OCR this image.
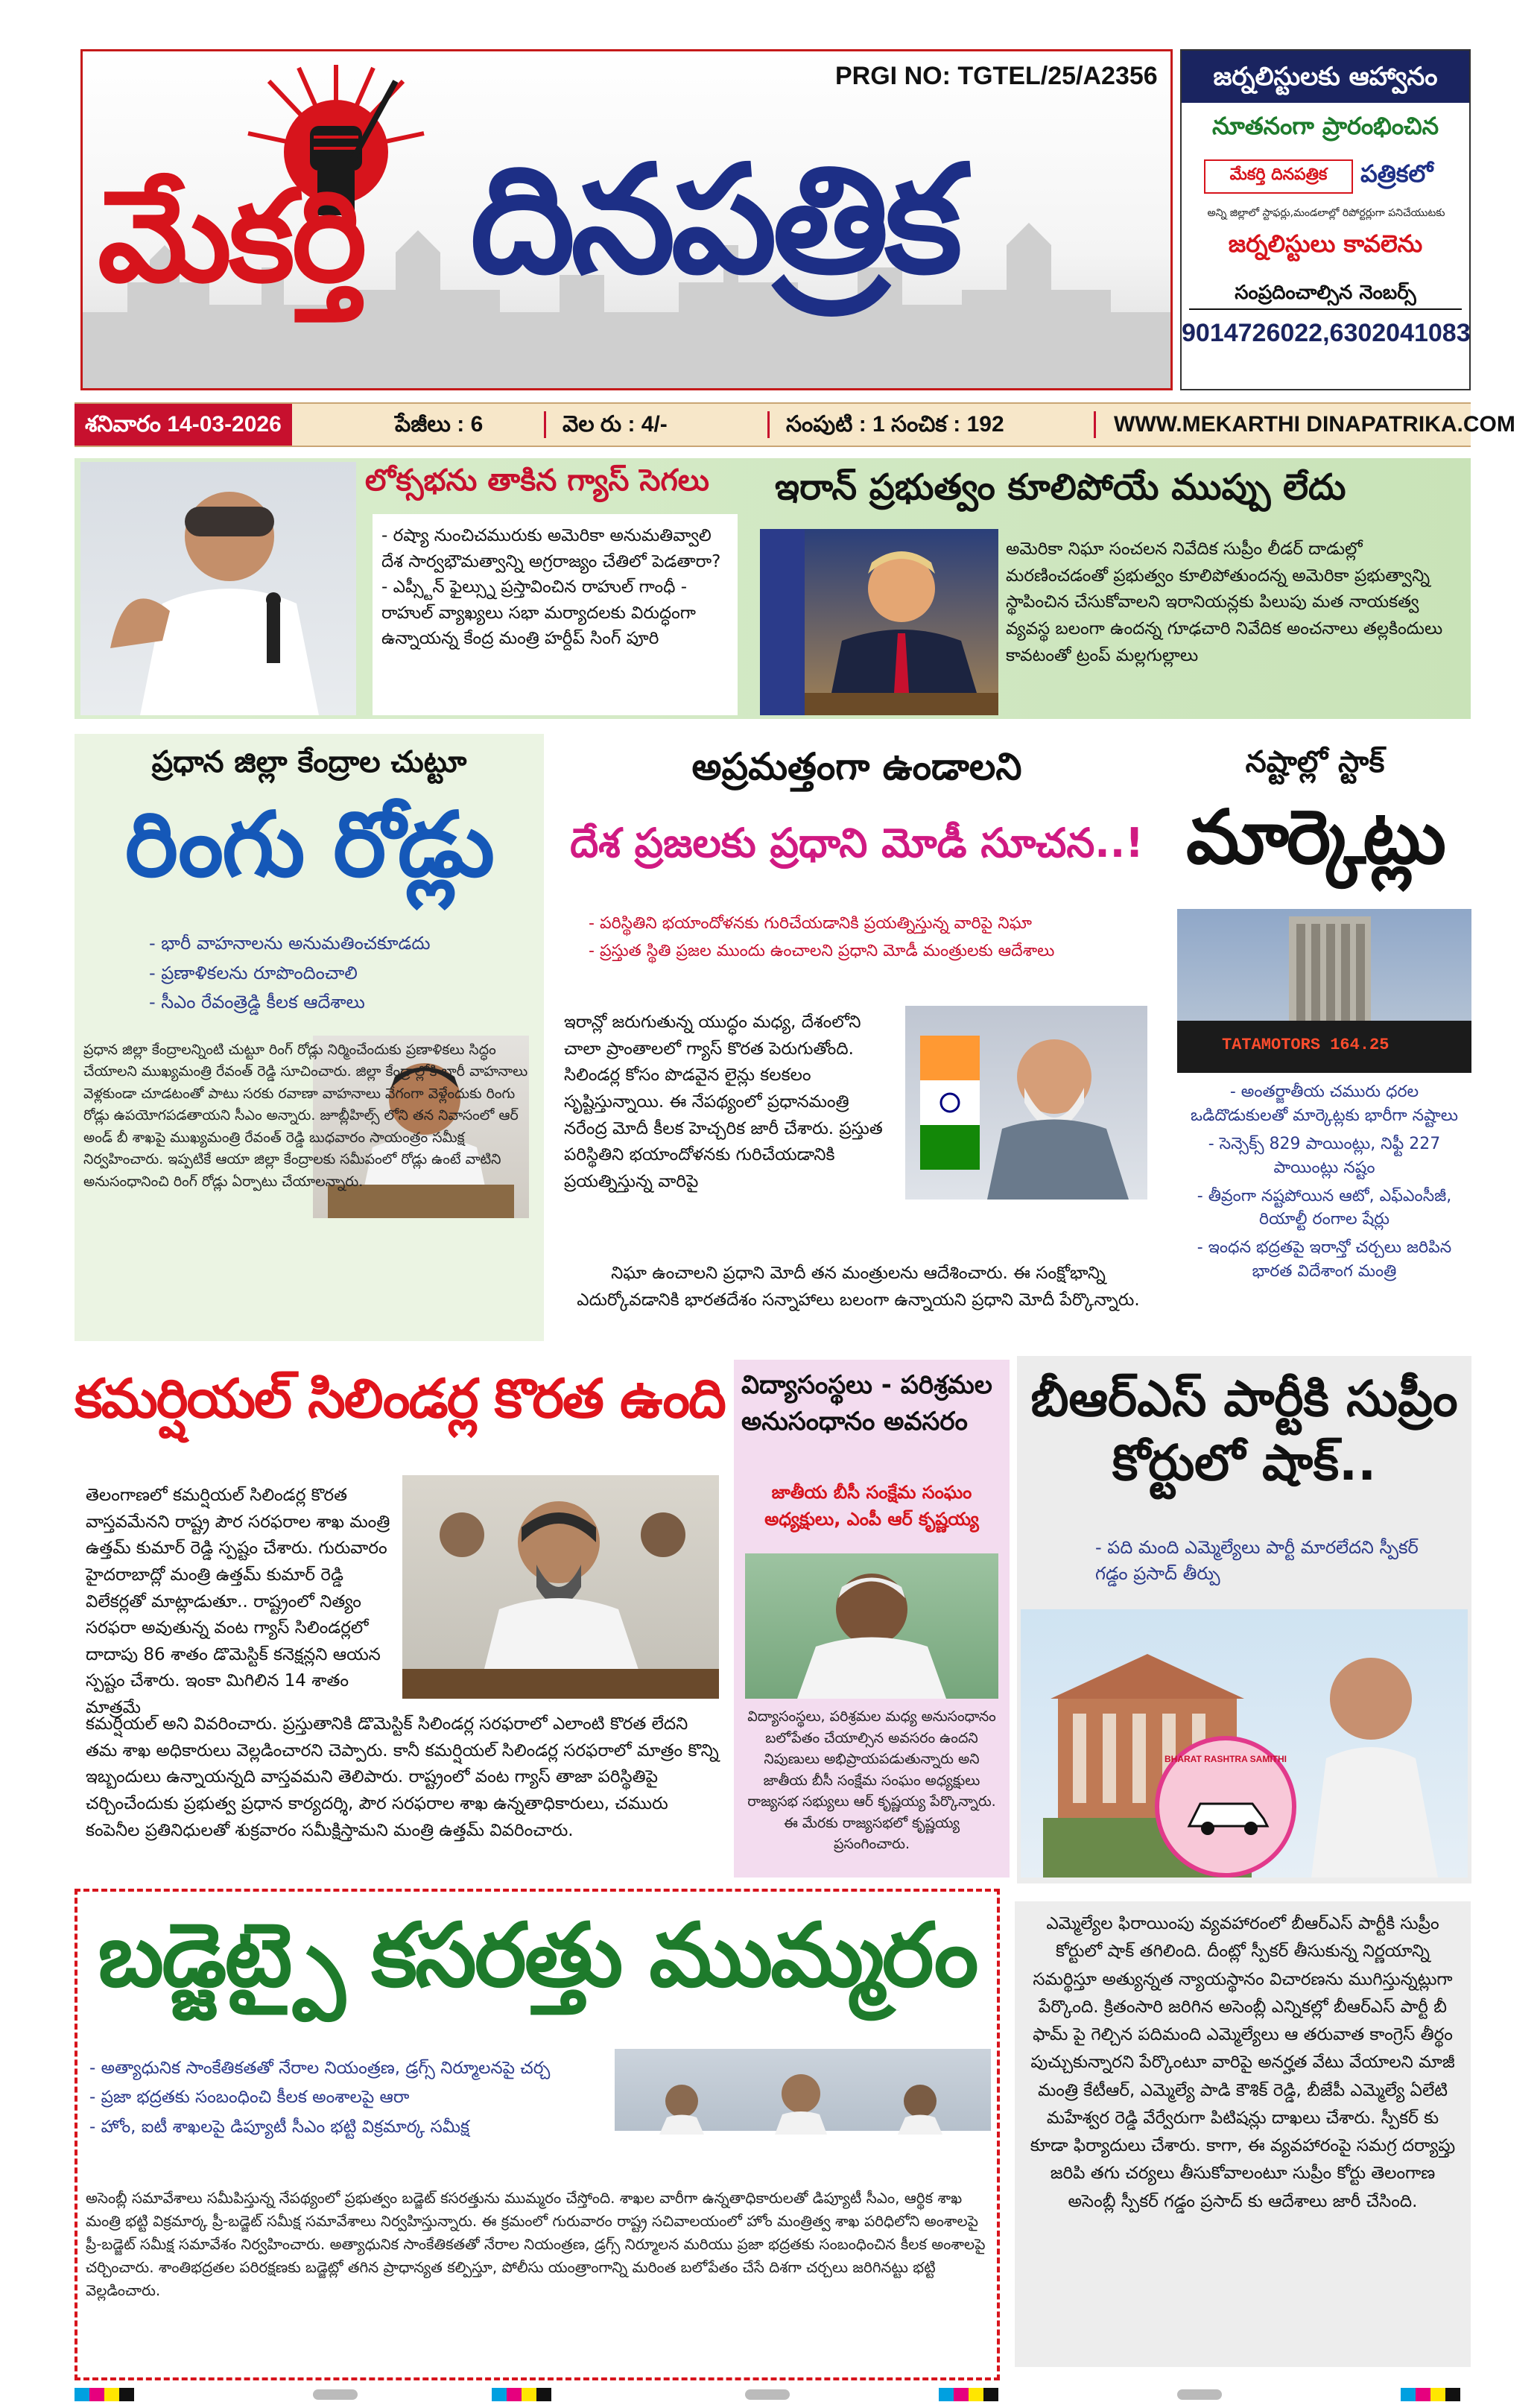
PRGI NO: TGTEL/25/A2356
మేకర్తి దినపత్రిక
జర్నలిస్టులకు ఆహ్వానం
నూతనంగా ప్రారంభించిన
మేకర్తి దినపత్రిక	పత్రికలో
అన్ని జిల్లాలో స్టాఫర్లు,మండలాల్లో రిపోర్టర్లుగా పనిచేయుటకు
జర్నలిస్టులు కావలెను
సంప్రదించాల్సిన నెంబర్స్
9014726022,6302041083
శనివారం 14-03-2026	పేజీలు : 6	వెల రు : 4/-	సంపుటి : 1 సంచిక : 192	WWW.MEKARTHI DINAPATRIKA.COM
లోక్సభను తాకిన గ్యాస్ సెగలు
- రష్యా నుంచిచమురుకు అమెరికా అనుమతివ్వాలి దేశ సార్వభౌమత్వాన్ని అగ్రరాజ్యం చేతిలో పెడతారా? - ఎప్స్టీన్ ఫైల్స్ను ప్రస్తావించిన రాహుల్ గాంధీ - రాహుల్ వ్యాఖ్యలు సభా మర్యాదలకు విరుద్ధంగా ఉన్నాయన్న కేంద్ర మంత్రి హర్దీప్ సింగ్ పూరి
ఇరాన్ ప్రభుత్వం కూలిపోయే ముప్పు లేదు
అమెరికా నిఘా సంచలన నివేదిక సుప్రీం లీడర్ దాడుల్లో మరణించడంతో ప్రభుత్వం కూలిపోతుందన్న అమెరికా ప్రభుత్వాన్ని స్థాపించిన చేసుకోవాలని ఇరానియన్లకు పిలుపు మత నాయకత్వ వ్యవస్థ బలంగా ఉందన్న గూఢచారి నివేదిక అంచనాలు తల్లకిందులు కావటంతో ట్రంప్ మల్లగుల్లాలు
ప్రధాన జిల్లా కేంద్రాల చుట్టూ
రింగు రోడ్లు
- భారీ వాహనాలను అనుమతించకూడదు
- ప్రణాళికలను రూపొందించాలి
- సీఎం రేవంత్రెడ్డి కీలక ఆదేశాలు
ప్రధాన జిల్లా కేంద్రాలన్నింటి చుట్టూ రింగ్ రోడ్లు నిర్మించేందుకు ప్రణాళికలు సిద్ధం చేయాలని ముఖ్యమంత్రి రేవంత్ రెడ్డి సూచించారు. జిల్లా కేంద్రాల్లోకి భారీ వాహనాలు వెళ్లకుండా చూడటంతో పాటు సరకు రవాణా వాహనాలు వేగంగా వెళ్లేందుకు రింగు రోడ్లు ఉపయోగపడతాయని సీఎం అన్నారు. జూబ్లీహిల్స్ లోని తన నివాసంలో ఆర్ అండ్ బీ శాఖపై ముఖ్యమంత్రి రేవంత్ రెడ్డి బుధవారం సాయంత్రం సమీక్ష నిర్వహించారు. ఇప్పటికే ఆయా జిల్లా కేంద్రాలకు సమీపంలో రోడ్లు ఉంటే వాటిని అనుసంధానించి రింగ్ రోడ్లు ఏర్పాటు చేయాలన్నారు.
అప్రమత్తంగా ఉండాలని
దేశ ప్రజలకు ప్రధాని మోడీ సూచన..!
- పరిస్థితిని భయాందోళనకు గురిచేయడానికి ప్రయత్నిస్తున్న వారిపై నిఘా
- ప్రస్తుత స్థితి ప్రజల ముందు ఉంచాలని ప్రధాని మోడీ మంత్రులకు ఆదేశాలు
ఇరాన్లో జరుగుతున్న యుద్ధం మధ్య, దేశంలోని చాలా ప్రాంతాలలో గ్యాస్ కొరత పెరుగుతోంది. సిలిండర్ల కోసం పొడవైన లైన్లు కలకలం సృష్టిస్తున్నాయి. ఈ నేపథ్యంలో ప్రధానమంత్రి నరేంద్ర మోదీ కీలక హెచ్చరిక జారీ చేశారు. ప్రస్తుత పరిస్థితిని భయాందోళనకు గురిచేయడానికి ప్రయత్నిస్తున్న వారిపై
నిఘా ఉంచాలని ప్రధాని మోదీ తన మంత్రులను ఆదేశించారు. ఈ సంక్షోభాన్ని ఎదుర్కోవడానికి భారతదేశం సన్నాహాలు బలంగా ఉన్నాయని ప్రధాని మోదీ పేర్కొన్నారు.
నష్టాల్లో స్టాక్
మార్కెట్లు
TATAMOTORS 164.25
- అంతర్జాతీయ చమురు ధరల ఒడిదొడుకులతో మార్కెట్లకు భారీగా నష్టాలు
- సెన్సెక్స్ 829 పాయింట్లు, నిఫ్టీ 227 పాయింట్లు నష్టం
- తీవ్రంగా నష్టపోయిన ఆటో, ఎఫ్ఎంసీజీ, రియాల్టీ రంగాల షేర్లు
- ఇంధన భద్రతపై ఇరాన్తో చర్చలు జరిపిన భారత విదేశాంగ మంత్రి
కమర్షియల్ సిలిండర్ల కొరత ఉంది
తెలంగాణలో కమర్షియల్ సిలిండర్ల కొరత వాస్తవమేనని రాష్ట్ర పౌర సరఫరాల శాఖ మంత్రి ఉత్తమ్ కుమార్ రెడ్డి స్పష్టం చేశారు. గురువారం హైదరాబాద్లో మంత్రి ఉత్తమ్ కుమార్ రెడ్డి విలేకర్లతో మాట్లాడుతూ.. రాష్ట్రంలో నిత్యం సరఫరా అవుతున్న వంట గ్యాస్ సిలిండర్లలో దాదాపు 86 శాతం డొమెస్టిక్ కనెక్షన్లని ఆయన స్పష్టం చేశారు. ఇంకా మిగిలిన 14 శాతం మాత్రమే
కమర్షియల్ అని వివరించారు. ప్రస్తుతానికి డొమెస్టిక్ సిలిండర్ల సరఫరాలో ఎలాంటి కొరత లేదని తమ శాఖ అధికారులు వెల్లడించారని చెప్పారు. కానీ కమర్షియల్ సిలిండర్ల సరఫరాలో మాత్రం కొన్ని ఇబ్బందులు ఉన్నాయన్నది వాస్తవమని తెలిపారు. రాష్ట్రంలో వంట గ్యాస్ తాజా పరిస్థితిపై చర్చించేందుకు ప్రభుత్వ ప్రధాన కార్యదర్శి, పౌర సరఫరాల శాఖ ఉన్నతాధికారులు, చమురు కంపెనీల ప్రతినిధులతో శుక్రవారం సమీక్షిస్తామని మంత్రి ఉత్తమ్ వివరించారు.
విద్యాసంస్థలు - పరిశ్రమల అనుసంధానం అవసరం
జాతీయ బీసీ సంక్షేమ సంఘం అధ్యక్షులు, ఎంపీ ఆర్ కృష్ణయ్య
విద్యాసంస్థలు, పరిశ్రమల మధ్య అనుసంధానం బలోపేతం చేయాల్సిన అవసరం ఉందని నిపుణులు అభిప్రాయపడుతున్నారు అని జాతీయ బీసీ సంక్షేమ సంఘం అధ్యక్షులు రాజ్యసభ సభ్యులు ఆర్ కృష్ణయ్య పేర్కొన్నారు. ఈ మేరకు రాజ్యసభలో కృష్ణయ్య ప్రసంగించారు.
బీఆర్ఎస్ పార్టీకి సుప్రీం కోర్టులో షాక్..
- పది మంది ఎమ్మెల్యేలు పార్టీ మారలేదని స్పీకర్ గడ్డం ప్రసాద్ తీర్పు
BHARAT RASHTRA SAMITHI
బడ్జెట్పై కసరత్తు ముమ్మరం
- అత్యాధునిక సాంకేతికతతో నేరాల నియంత్రణ, డ్రగ్స్ నిర్మూలనపై చర్చ
- ప్రజా భద్రతకు సంబంధించి కీలక అంశాలపై ఆరా
- హోం, ఐటీ శాఖలపై డిప్యూటీ సీఎం భట్టి విక్రమార్క సమీక్ష
అసెంబ్లీ సమావేశాలు సమీపిస్తున్న నేపథ్యంలో ప్రభుత్వం బడ్జెట్ కసరత్తును ముమ్మరం చేస్తోంది. శాఖల వారీగా ఉన్నతాధికారులతో డిప్యూటీ సీఎం, ఆర్థిక శాఖ మంత్రి భట్టి విక్రమార్క ప్రీ-బడ్జెట్ సమీక్ష సమావేశాలు నిర్వహిస్తున్నారు. ఈ క్రమంలో గురువారం రాష్ట్ర సచివాలయంలో హోం మంత్రిత్వ శాఖ పరిధిలోని అంశాలపై ప్రీ-బడ్జెట్ సమీక్ష సమావేశం నిర్వహించారు. అత్యాధునిక సాంకేతికతతో నేరాల నియంత్రణ, డ్రగ్స్ నిర్మూలన మరియు ప్రజా భద్రతకు సంబంధించిన కీలక అంశాలపై చర్చించారు. శాంతిభద్రతల పరిరక్షణకు బడ్జెట్లో తగిన ప్రాధాన్యత కల్పిస్తూ, పోలీసు యంత్రాంగాన్ని మరింత బలోపేతం చేసే దిశగా చర్చలు జరిగినట్టు భట్టి వెల్లడించారు.
ఎమ్మెల్యేల ఫిరాయింపు వ్యవహారంలో బీఆర్ఎస్ పార్టీకి సుప్రీం కోర్టులో షాక్ తగిలింది. దీంట్లో స్పీకర్ తీసుకున్న నిర్ణయాన్ని సమర్థిస్తూ అత్యున్నత న్యాయస్థానం విచారణను ముగిస్తున్నట్లుగా పేర్కొంది. క్రితంసారి జరిగిన అసెంబ్లీ ఎన్నికల్లో బీఆర్ఎస్ పార్టీ బీ ఫామ్ పై గెల్చిన పదిమంది ఎమ్మెల్యేలు ఆ తరువాత కాంగ్రెస్ తీర్థం పుచ్చుకున్నారని పేర్కొంటూ వారిపై అనర్హత వేటు వేయాలని మాజీ మంత్రి కేటీఆర్, ఎమ్మెల్యే పాడి కౌశిక్ రెడ్డి, బీజేపీ ఎమ్మెల్యే ఏలేటి మహేశ్వర రెడ్డి వేర్వేరుగా పిటిషన్లు దాఖలు చేశారు. స్పీకర్ కు కూడా ఫిర్యాదులు చేశారు. కాగా, ఈ వ్యవహారంపై సమగ్ర దర్యాప్తు జరిపి తగు చర్యలు తీసుకోవాలంటూ సుప్రీం కోర్టు తెలంగాణ అసెంబ్లీ స్పీకర్ గడ్డం ప్రసాద్ కు ఆదేశాలు జారీ చేసింది.
